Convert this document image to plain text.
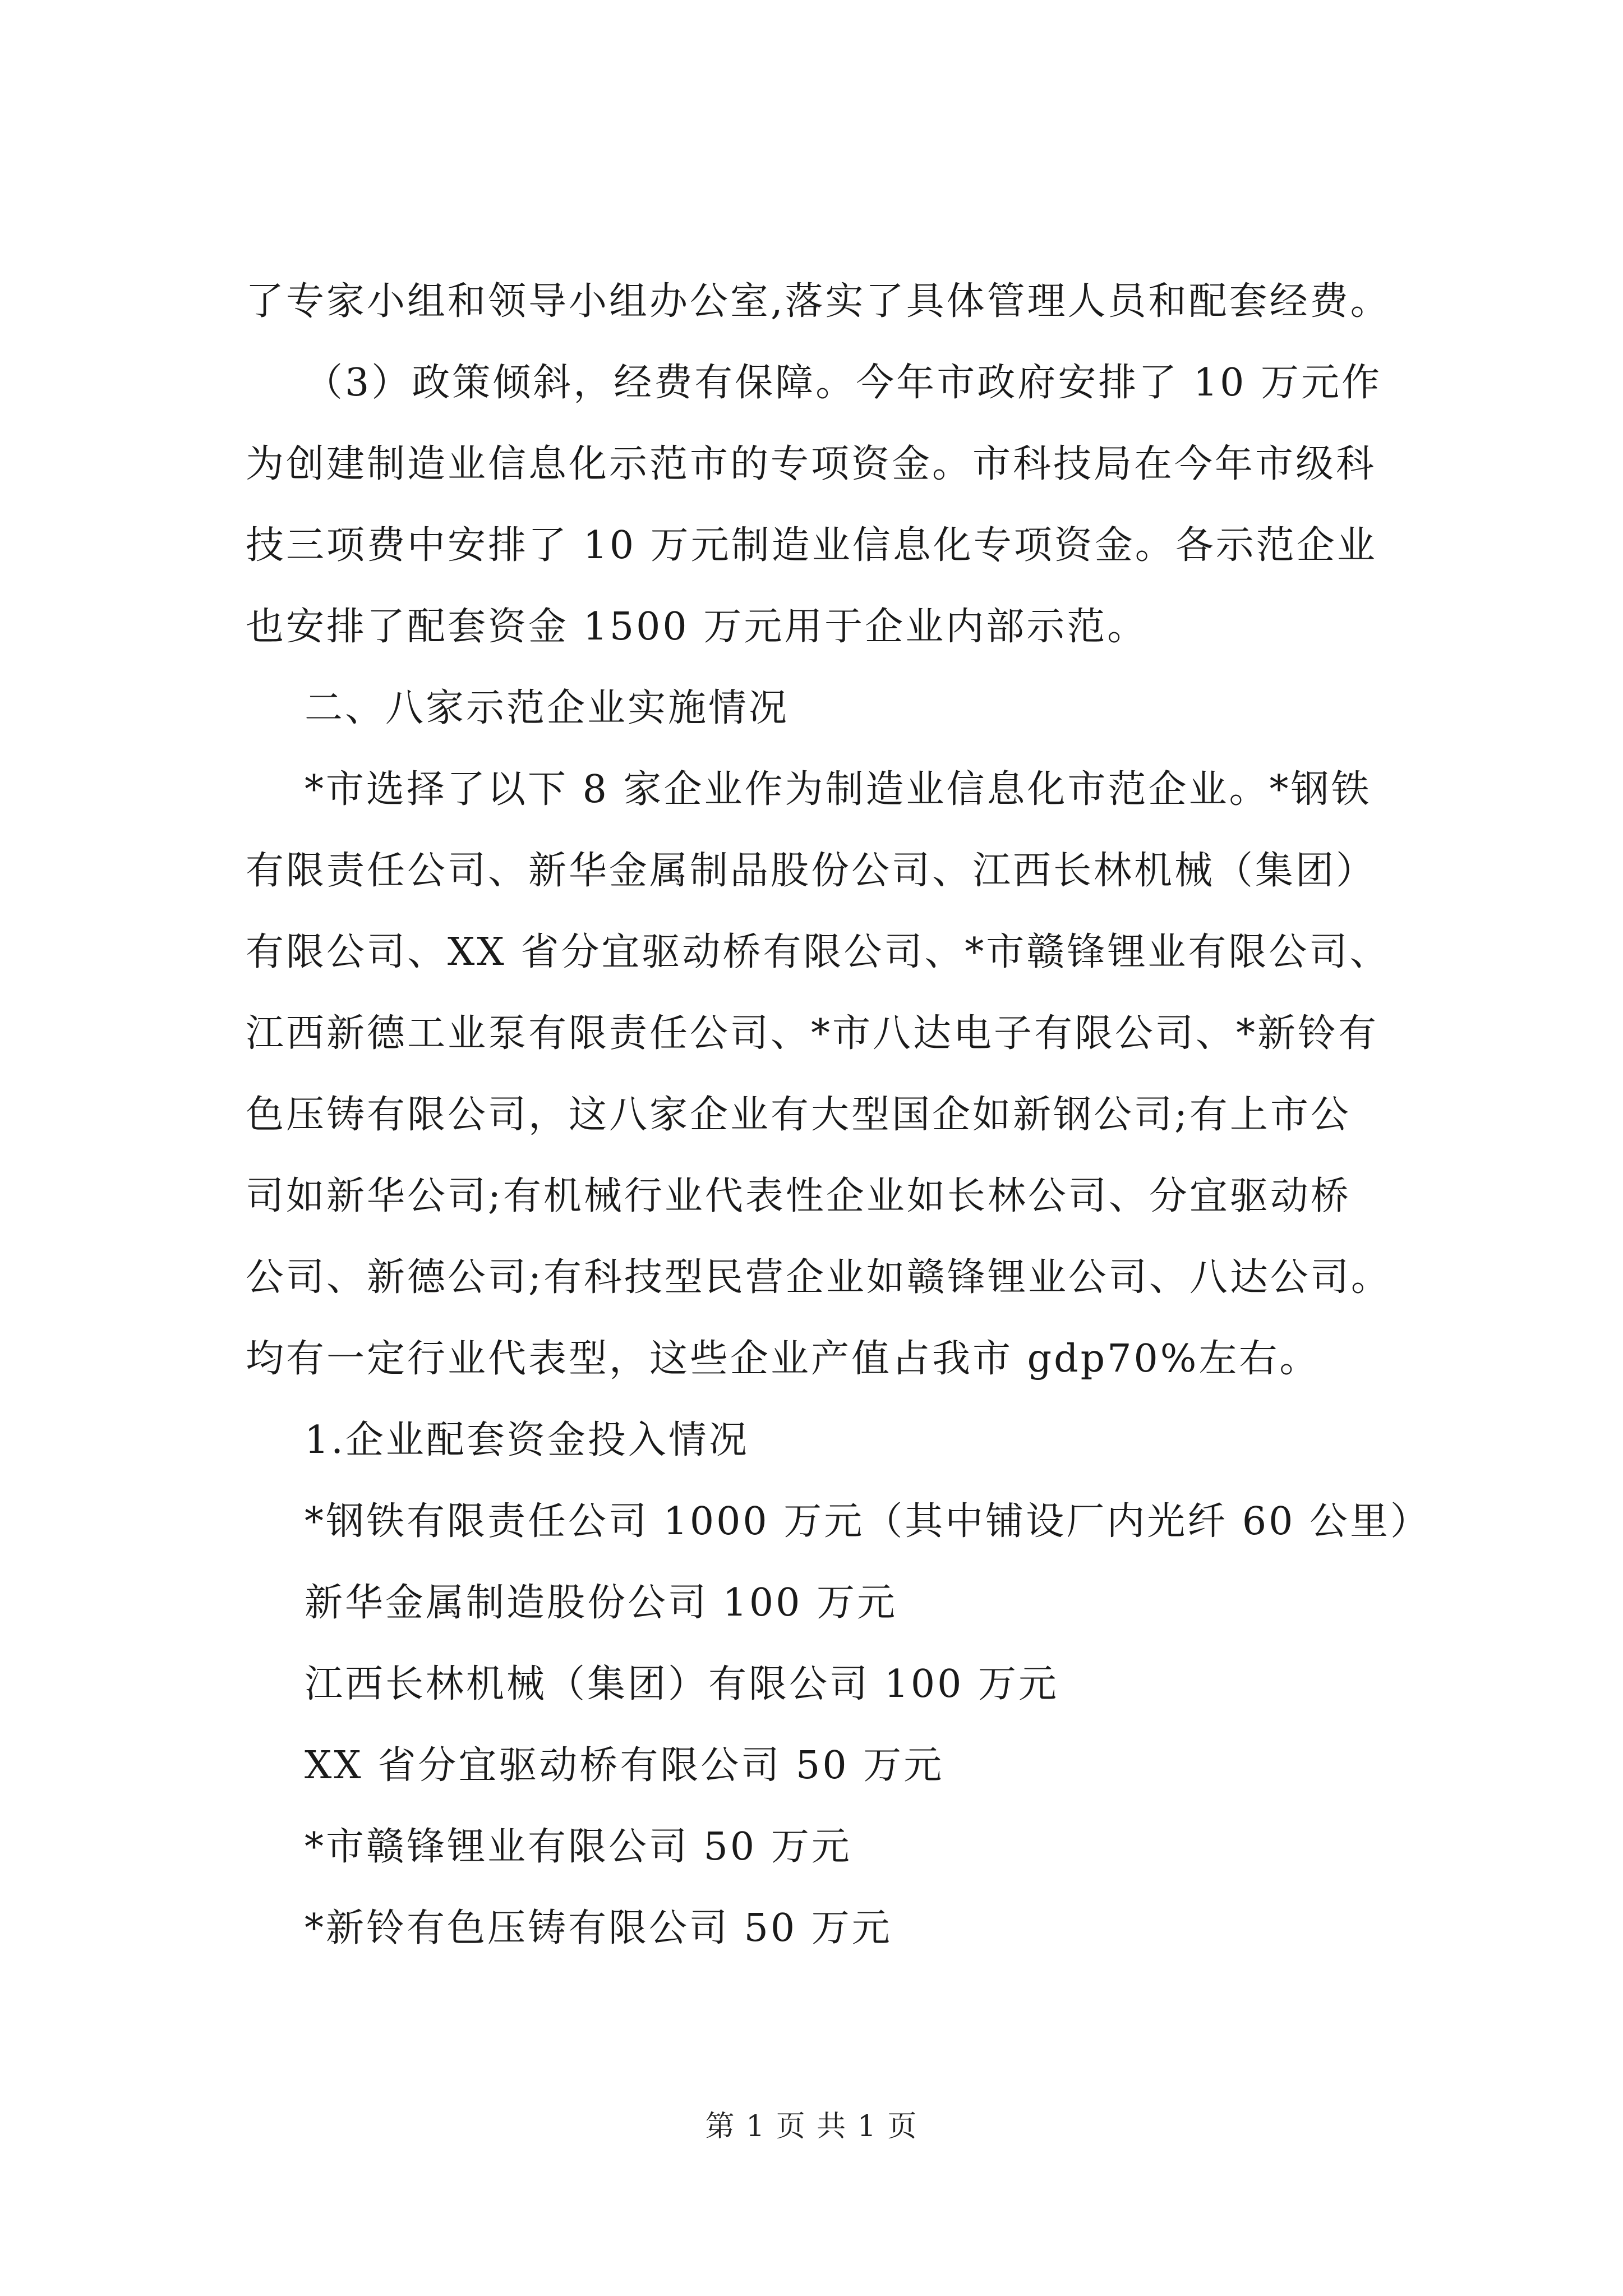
了专家小组和领导小组办公室,落实了具体管理人员和配套经费。
（3）政策倾斜，经费有保障。今年市政府安排了 10 万元作
为创建制造业信息化示范市的专项资金。市科技局在今年市级科
技三项费中安排了 10 万元制造业信息化专项资金。各示范企业
也安排了配套资金 1500 万元用于企业内部示范。
二、八家示范企业实施情况
*市选择了以下 8 家企业作为制造业信息化市范企业。*钢铁
有限责任公司、新华金属制品股份公司、江西长林机械（集团）
有限公司、XX 省分宜驱动桥有限公司、*市赣锋锂业有限公司、
江西新德工业泵有限责任公司、*市八达电子有限公司、*新铃有
色压铸有限公司，这八家企业有大型国企如新钢公司;有上市公
司如新华公司;有机械行业代表性企业如长林公司、分宜驱动桥
公司、新德公司;有科技型民营企业如赣锋锂业公司、八达公司。
均有一定行业代表型，这些企业产值占我市 gdp70%左右。
1.企业配套资金投入情况
*钢铁有限责任公司 1000 万元（其中铺设厂内光纤 60 公里）
新华金属制造股份公司 100 万元
江西长林机械（集团）有限公司 100 万元
XX 省分宜驱动桥有限公司 50 万元
*市赣锋锂业有限公司 50 万元
*新铃有色压铸有限公司 50 万元
第 1 页 共 1 页
